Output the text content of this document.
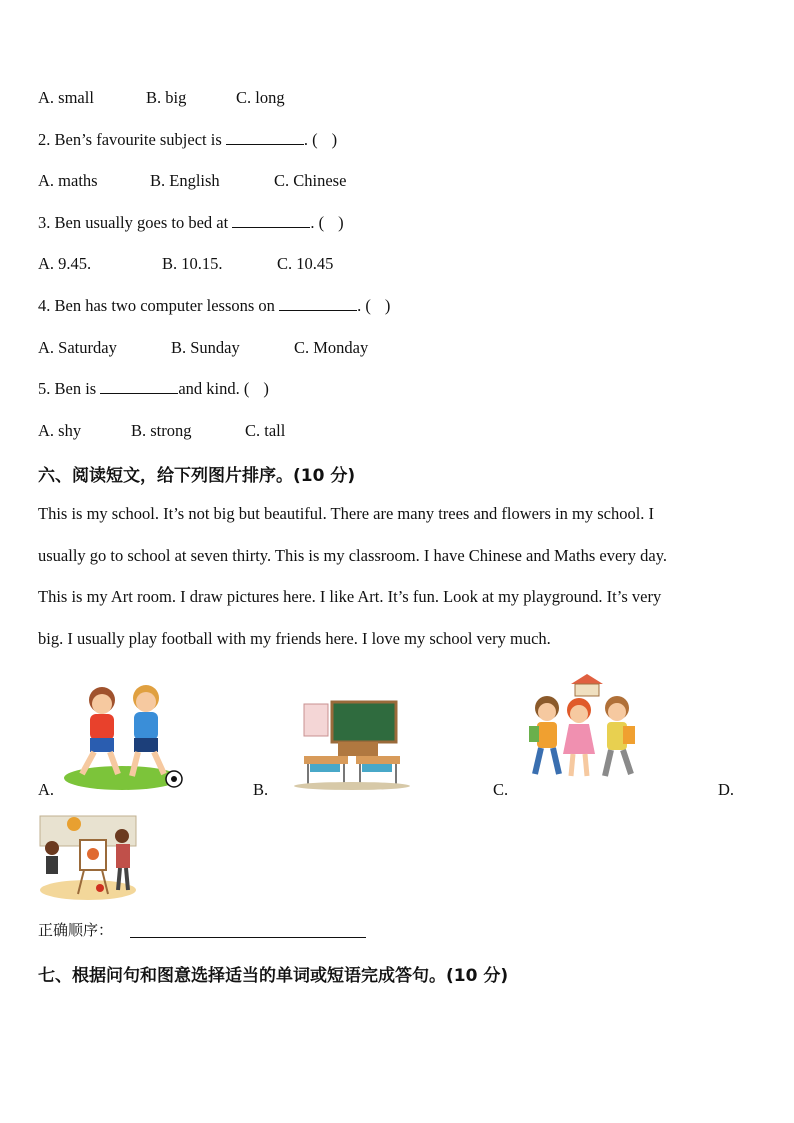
A. small	B. big	C. long
2. Ben’s favourite subject is	. ( )
A. maths	B. English	C. Chinese
3. Ben usually goes to bed at	. ( )
A. 9.45.	B. 10.15.	C. 10.45
4. Ben has two computer lessons on	. ( )
A. Saturday	B. Sunday	C. Monday
5. Ben is	and kind. ( )
A. shy	B. strong	C. tall
六、阅读短文，给下列图片排序。(10 分)
This is my school. It’s not big but beautiful. There are many trees and flowers in my school. I
usually go to school at seven thirty. This is my classroom. I have Chinese and Maths every day.
This is my Art room. I draw pictures here. I like Art. It’s fun. Look at my playground. It’s very
big. I usually play football with my friends here. I love my school very much.
A.	B.	C.	D.
正确顺序：
七、根据问句和图意选择适当的单词或短语完成答句。(10 分)
